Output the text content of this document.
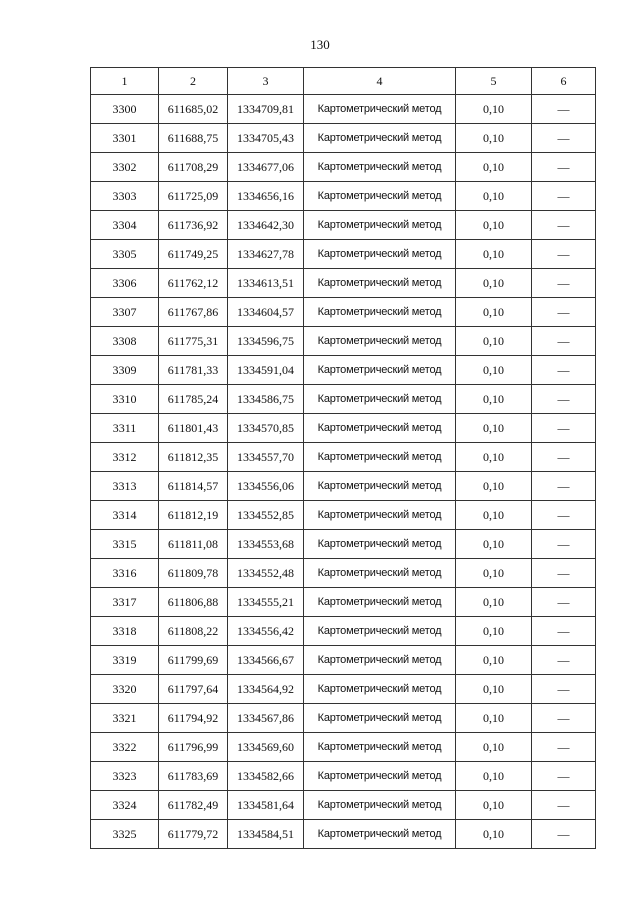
130
1	2	3	4	5	6
3300	611685,02	1334709,81	Картометрический метод	0,10	—
3301	611688,75	1334705,43	Картометрический метод	0,10	—
3302	611708,29	1334677,06	Картометрический метод	0,10	—
3303	611725,09	1334656,16	Картометрический метод	0,10	—
3304	611736,92	1334642,30	Картометрический метод	0,10	—
3305	611749,25	1334627,78	Картометрический метод	0,10	—
3306	611762,12	1334613,51	Картометрический метод	0,10	—
3307	611767,86	1334604,57	Картометрический метод	0,10	—
3308	611775,31	1334596,75	Картометрический метод	0,10	—
3309	611781,33	1334591,04	Картометрический метод	0,10	—
3310	611785,24	1334586,75	Картометрический метод	0,10	—
3311	611801,43	1334570,85	Картометрический метод	0,10	—
3312	611812,35	1334557,70	Картометрический метод	0,10	—
3313	611814,57	1334556,06	Картометрический метод	0,10	—
3314	611812,19	1334552,85	Картометрический метод	0,10	—
3315	611811,08	1334553,68	Картометрический метод	0,10	—
3316	611809,78	1334552,48	Картометрический метод	0,10	—
3317	611806,88	1334555,21	Картометрический метод	0,10	—
3318	611808,22	1334556,42	Картометрический метод	0,10	—
3319	611799,69	1334566,67	Картометрический метод	0,10	—
3320	611797,64	1334564,92	Картометрический метод	0,10	—
3321	611794,92	1334567,86	Картометрический метод	0,10	—
3322	611796,99	1334569,60	Картометрический метод	0,10	—
3323	611783,69	1334582,66	Картометрический метод	0,10	—
3324	611782,49	1334581,64	Картометрический метод	0,10	—
3325	611779,72	1334584,51	Картометрический метод	0,10	—
